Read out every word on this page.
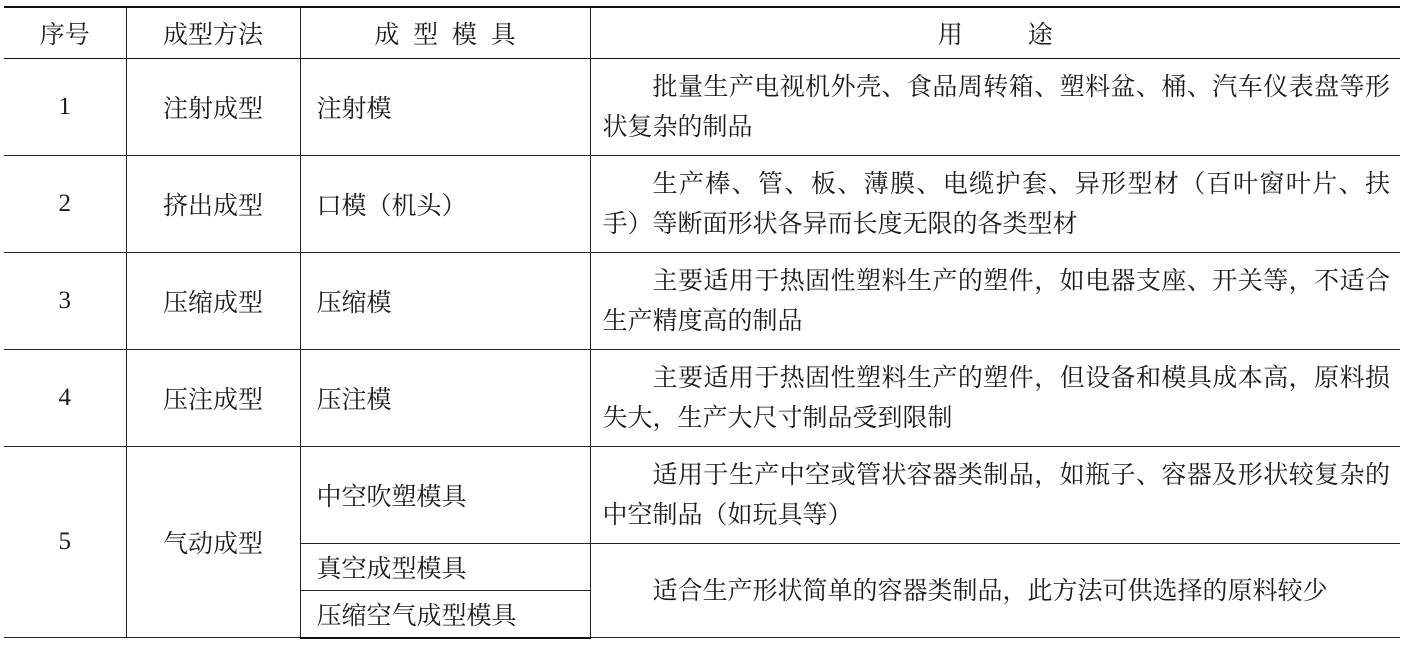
序号	成型方法	成型模具	用途
1	注射成型	注射模	批量生产电视机外壳、食品周转箱、塑料盆、桶、汽车仪表盘等形状复杂的制品

2	挤出成型	口模（机头）	生产棒、管、板、薄膜、电缆护套、异形型材（百叶窗叶片、扶手）等断面形状各异而长度无限的各类型材

3	压缩成型	压缩模	主要适用于热固性塑料生产的塑件，如电器支座、开关等，不适合生产精度高的制品

4	压注成型	压注模	主要适用于热固性塑料生产的塑件，但设备和模具成本高，原料损失大，生产大尺寸制品受到限制

5	气动成型	中空吹塑模具	适用于生产中空或管状容器类制品，如瓶子、容器及形状较复杂的中空制品（如玩具等）

		真空成型模具	适合生产形状简单的容器类制品，此方法可供选择的原料较少

		压缩空气成型模具	
